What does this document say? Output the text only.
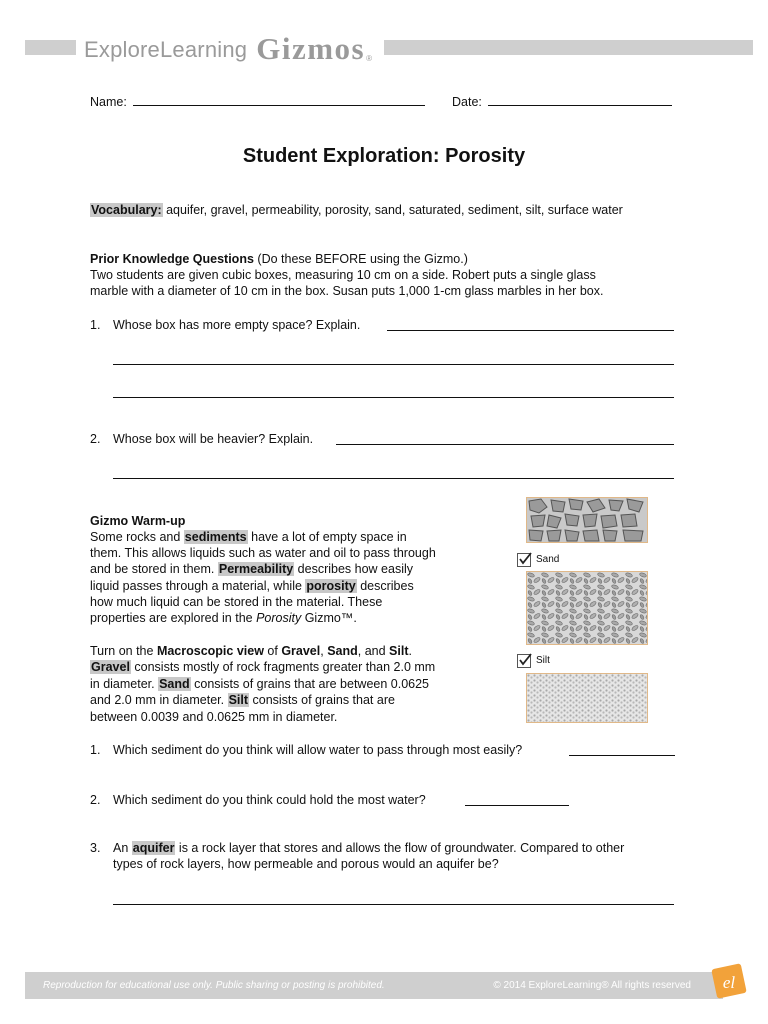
ExploreLearning Gizmos ®
Name:	Date:
Student Exploration: Porosity
Vocabulary: aquifer, gravel, permeability, porosity, sand, saturated, sediment, silt, surface water
Prior Knowledge Questions (Do these BEFORE using the Gizmo.)
Two students are given cubic boxes, measuring 10 cm on a side. Robert puts a single glass
marble with a diameter of 10 cm in the box. Susan puts 1,000 1-cm glass marbles in her box.
1. Whose box has more empty space? Explain.
2. Whose box will be heavier? Explain.
Gizmo Warm-up
Some rocks and sediments have a lot of empty space in
them. This allows liquids such as water and oil to pass through
and be stored in them. Permeability describes how easily
liquid passes through a material, while porosity describes
how much liquid can be stored in the material. These
properties are explored in the Porosity Gizmo™.
Turn on the Macroscopic view of Gravel, Sand, and Silt.
Gravel consists mostly of rock fragments greater than 2.0 mm
in diameter. Sand consists of grains that are between 0.0625
and 2.0 mm in diameter. Silt consists of grains that are
between 0.0039 and 0.0625 mm in diameter.
Sand
Silt
1. Which sediment do you think will allow water to pass through most easily?
2. Which sediment do you think could hold the most water?
3. An aquifer is a rock layer that stores and allows the flow of groundwater. Compared to other
types of rock layers, how permeable and porous would an aquifer be?
Reproduction for educational use only. Public sharing or posting is prohibited.	© 2014 ExploreLearning® All rights reserved el
